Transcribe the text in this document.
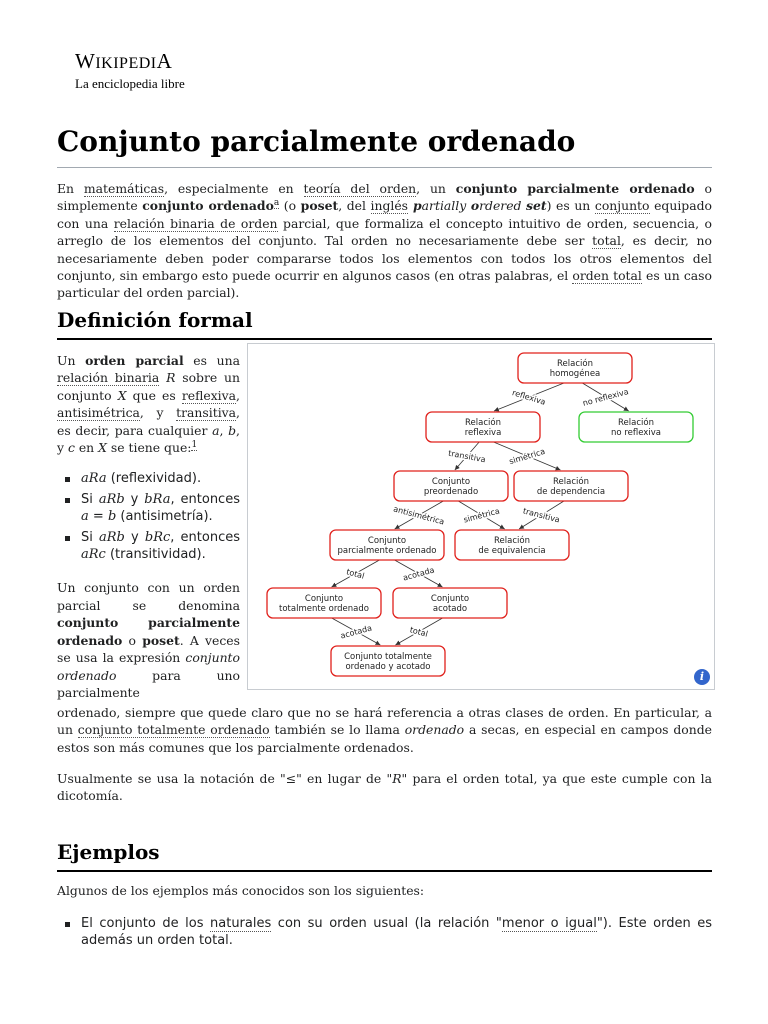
WIKIPEDIA
La enciclopedia libre
Conjunto parcialmente ordenado

En matemáticas, especialmente en teoría del orden, un conjunto parcialmente ordenado o simplemente conjunto ordenado$^a$ (o poset, del inglés partially ordered set) es un conjunto equipado con una relación binaria de orden parcial, que formaliza el concepto intuitivo de orden, secuencia, o arreglo de los elementos del conjunto. Tal orden no necesariamente debe ser total, es decir, no necesariamente deben poder compararse todos los elementos con todos los otros elementos del conjunto, sin embargo esto puede ocurrir en algunos casos (en otras palabras, el orden total es un caso particular del orden parcial).

Definición formal

Un orden parcial es una relación binaria R sobre un conjunto X que es reflexiva, antisimétrica, y transitiva, es decir, para cualquier a, b, y c en X se tiene que:$^1$

aRa (reflexividad).
Si aRb y bRa, entonces a = b (antisimetría).
Si aRb y bRc, entonces aRc (transitividad).

Un conjunto con un orden parcial se denomina conjunto parcialmente ordenado o poset. A veces se usa la expresión conjunto ordenado para uno parcialmente

reflexiva	no reflexiva
transitiva	simétrica
antisimétrica simétrica	transitiva
total	acotada
acotada	total
Relación
homogénea
Relación
reflexiva
Relación
no reflexiva
Conjunto
preordenado
Relación
de dependencia
Conjunto
parcialmente ordenado
Relación
de equivalencia
Conjunto
totalmente ordenado
Conjunto
acotado
Conjunto totalmente
ordenado y acotado
i

ordenado, siempre que quede claro que no se hará referencia a otras clases de orden. En particular, a un conjunto totalmente ordenado también se lo llama ordenado a secas, en especial en campos donde estos son más comunes que los parcialmente ordenados.

Usualmente se usa la notación de "≤" en lugar de "R" para el orden total, ya que este cumple con la dicotomía.

Ejemplos

Algunos de los ejemplos más conocidos son los siguientes:

El conjunto de los naturales con su orden usual (la relación "menor o igual"). Este orden es además un orden total.
